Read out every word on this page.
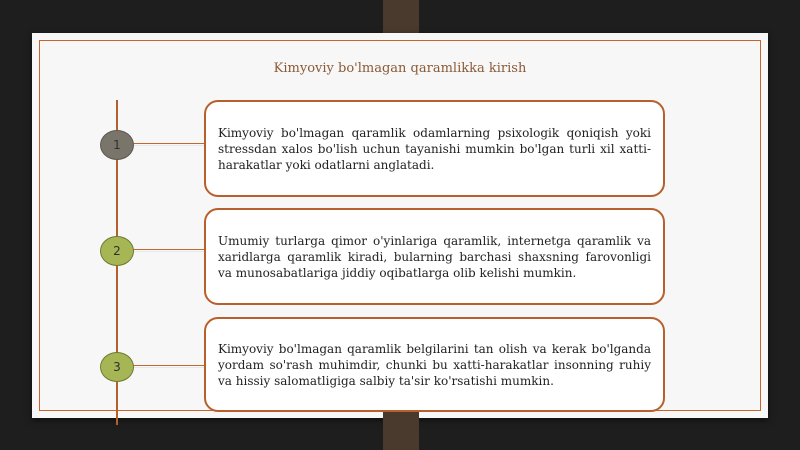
Kimyoviy bo'lmagan qaramlikka kirish
1

Kimyoviy bo'lmagan qaramlik odamlarning psixologik qoniqish yoki stressdan xalos bo'lish uchun tayanishi mumkin bo'lgan turli xil xatti-harakatlar yoki odatlarni anglatadi.

2

Umumiy turlarga qimor o'yinlariga qaramlik, internetga qaramlik va xaridlarga qaramlik kiradi, bularning barchasi shaxsning farovonligi va munosabatlariga jiddiy oqibatlarga olib kelishi mumkin.

3

Kimyoviy bo'lmagan qaramlik belgilarini tan olish va kerak bo'lganda yordam so'rash muhimdir, chunki bu xatti-harakatlar insonning ruhiy va hissiy salomatligiga salbiy ta'sir ko'rsatishi mumkin.
